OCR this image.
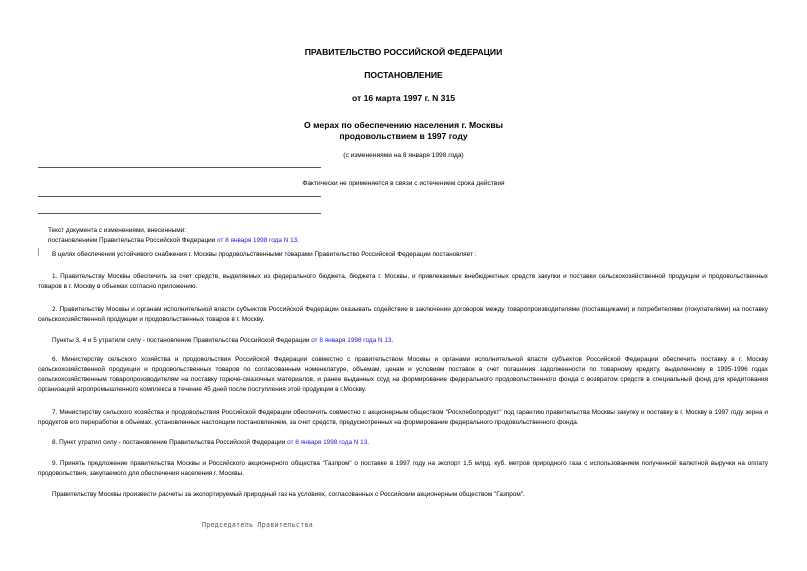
ПРАВИТЕЛЬСТВО РОССИЙСКОЙ ФЕДЕРАЦИИ
ПОСТАНОВЛЕНИЕ
от 16 марта 1997 г. N 315
О мерах по обеспечению населения г. Москвы
продовольствием в 1997 году
(с изменениями на 8 января 1998 года)
Фактически не применяется в связи с истечением срока действия
Текст документа с изменениями, внесенными:
постановлением Правительства Российской Федерации от 8 января 1998 года N 13.
В целях обеспечения устойчивого снабжения г. Москвы продовольственными товарами Правительство Российской Федерации постановляет :
1. Правительству Москвы обеспечить за счет средств, выделяемых из федерального бюджета, бюджета г. Москвы, и привлекаемых внебюджетных средств закупки и поставки сельскохозяйственной продукции и продовольственных товаров в г. Москву в объемах согласно приложению.
2. Правительству Москвы и органам исполнительной власти субъектов Российской Федерации оказывать содействие в заключении договоров между товаропроизводителями (поставщиками) и потребителями (покупателями) на поставку сельскохозяйственной продукции и продовольственных товаров в г. Москву.
Пункты 3, 4 и 5 утратили силу - постановление Правительства Российской Федерации от 8 января 1998 года N 13.
6. Министерству сельского хозяйства и продовольствия Российской Федерации совместно с правительством Москвы и органами исполнительной власти субъектов Российской Федерации обеспечить поставку в г. Москву сельскохозяйственной продукции и продовольственных товаров по согласованным номенклатуре, объемам, ценам и условиям поставок в счет погашения задолженности по товарному кредиту, выделенному в 1995-1996 годах сельскохозяйственным товаропроизводителям на поставку горюче-смазочных материалов, и ранее выданных ссуд на формирование федерального продовольственного фонда с возвратом средств в специальный фонд для кредитования организаций агропромышленного комплекса в течение 45 дней после поступления этой продукции в г.Москву.
7. Министерству сельского хозяйства и продовольствия Российской Федерации обеспечить совместно с акционерным обществом "Росхлебопродукт" под гарантию правительства Москвы закупку и поставку в г. Москву в 1997 году зерна и продуктов его переработки в объемах, установленных настоящим постановлением, за счет средств, предусмотренных на формирование федерального продовольственного фонда.
8. Пункт утратил силу - постановление Правительства Российской Федерации от 8 января 1998 года N 13.
9. Принять предложение правительства Москвы и Российского акционерного общества "Газпром" о поставке в 1997 году на экспорт 1,5 млрд. куб. метров природного газа с использованием полученной валютной выручки на оплату продовольствия, закупаемого для обеспечения населения г. Москвы.
Правительству Москвы произвести расчеты за экспортируемый природный газ на условиях, согласованных с Российским акционерным обществом "Газпром".
Председатель Правительства
